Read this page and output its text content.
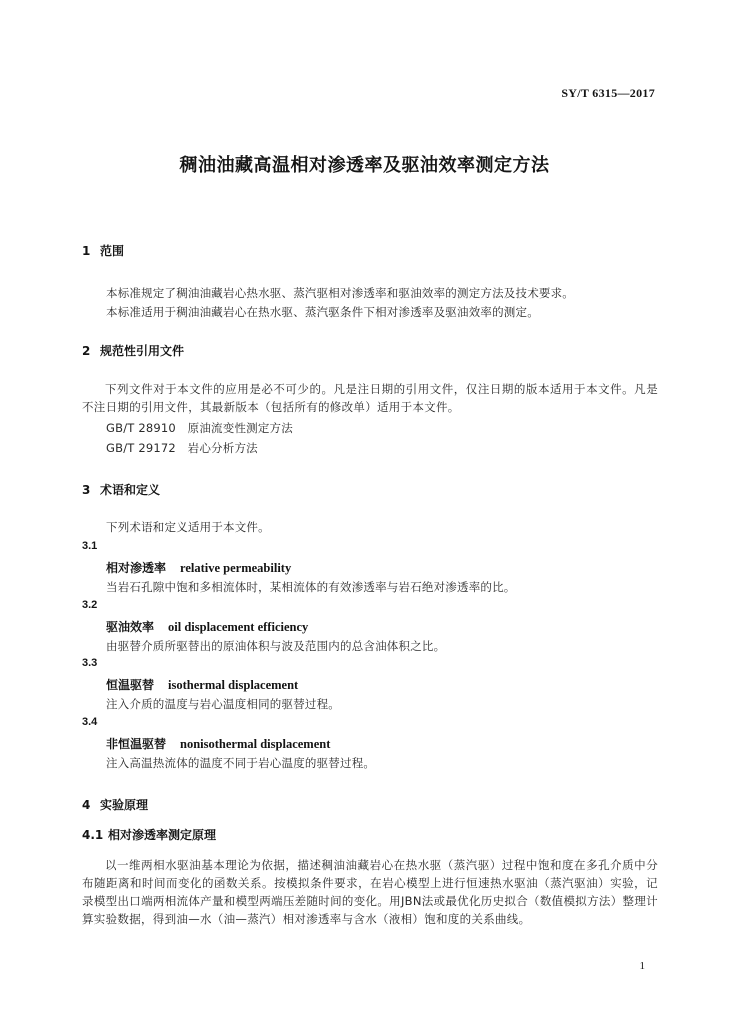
SY/T 6315—2017
稠油油藏高温相对渗透率及驱油效率测定方法
1 范围
本标准规定了稠油油藏岩心热水驱、蒸汽驱相对渗透率和驱油效率的测定方法及技术要求。
本标准适用于稠油油藏岩心在热水驱、蒸汽驱条件下相对渗透率及驱油效率的测定。
2 规范性引用文件
下列文件对于本文件的应用是必不可少的。凡是注日期的引用文件，仅注日期的版本适用于本文件。凡是不注日期的引用文件，其最新版本（包括所有的修改单）适用于本文件。
GB/T 28910　原油流变性测定方法
GB/T 29172　岩心分析方法
3 术语和定义
下列术语和定义适用于本文件。
3.1
相对渗透率 relative permeability
当岩石孔隙中饱和多相流体时，某相流体的有效渗透率与岩石绝对渗透率的比。
3.2
驱油效率 oil displacement efficiency
由驱替介质所驱替出的原油体积与波及范围内的总含油体积之比。
3.3
恒温驱替 isothermal displacement
注入介质的温度与岩心温度相同的驱替过程。
3.4
非恒温驱替 nonisothermal displacement
注入高温热流体的温度不同于岩心温度的驱替过程。
4 实验原理
4.1 相对渗透率测定原理
以一维两相水驱油基本理论为依据，描述稠油油藏岩心在热水驱（蒸汽驱）过程中饱和度在多孔介质中分布随距离和时间而变化的函数关系。按模拟条件要求，在岩心模型上进行恒速热水驱油（蒸汽驱油）实验，记录模型出口端两相流体产量和模型两端压差随时间的变化。用JBN法或最优化历史拟合（数值模拟方法）整理计算实验数据，得到油—水（油—蒸汽）相对渗透率与含水（液相）饱和度的关系曲线。
1
